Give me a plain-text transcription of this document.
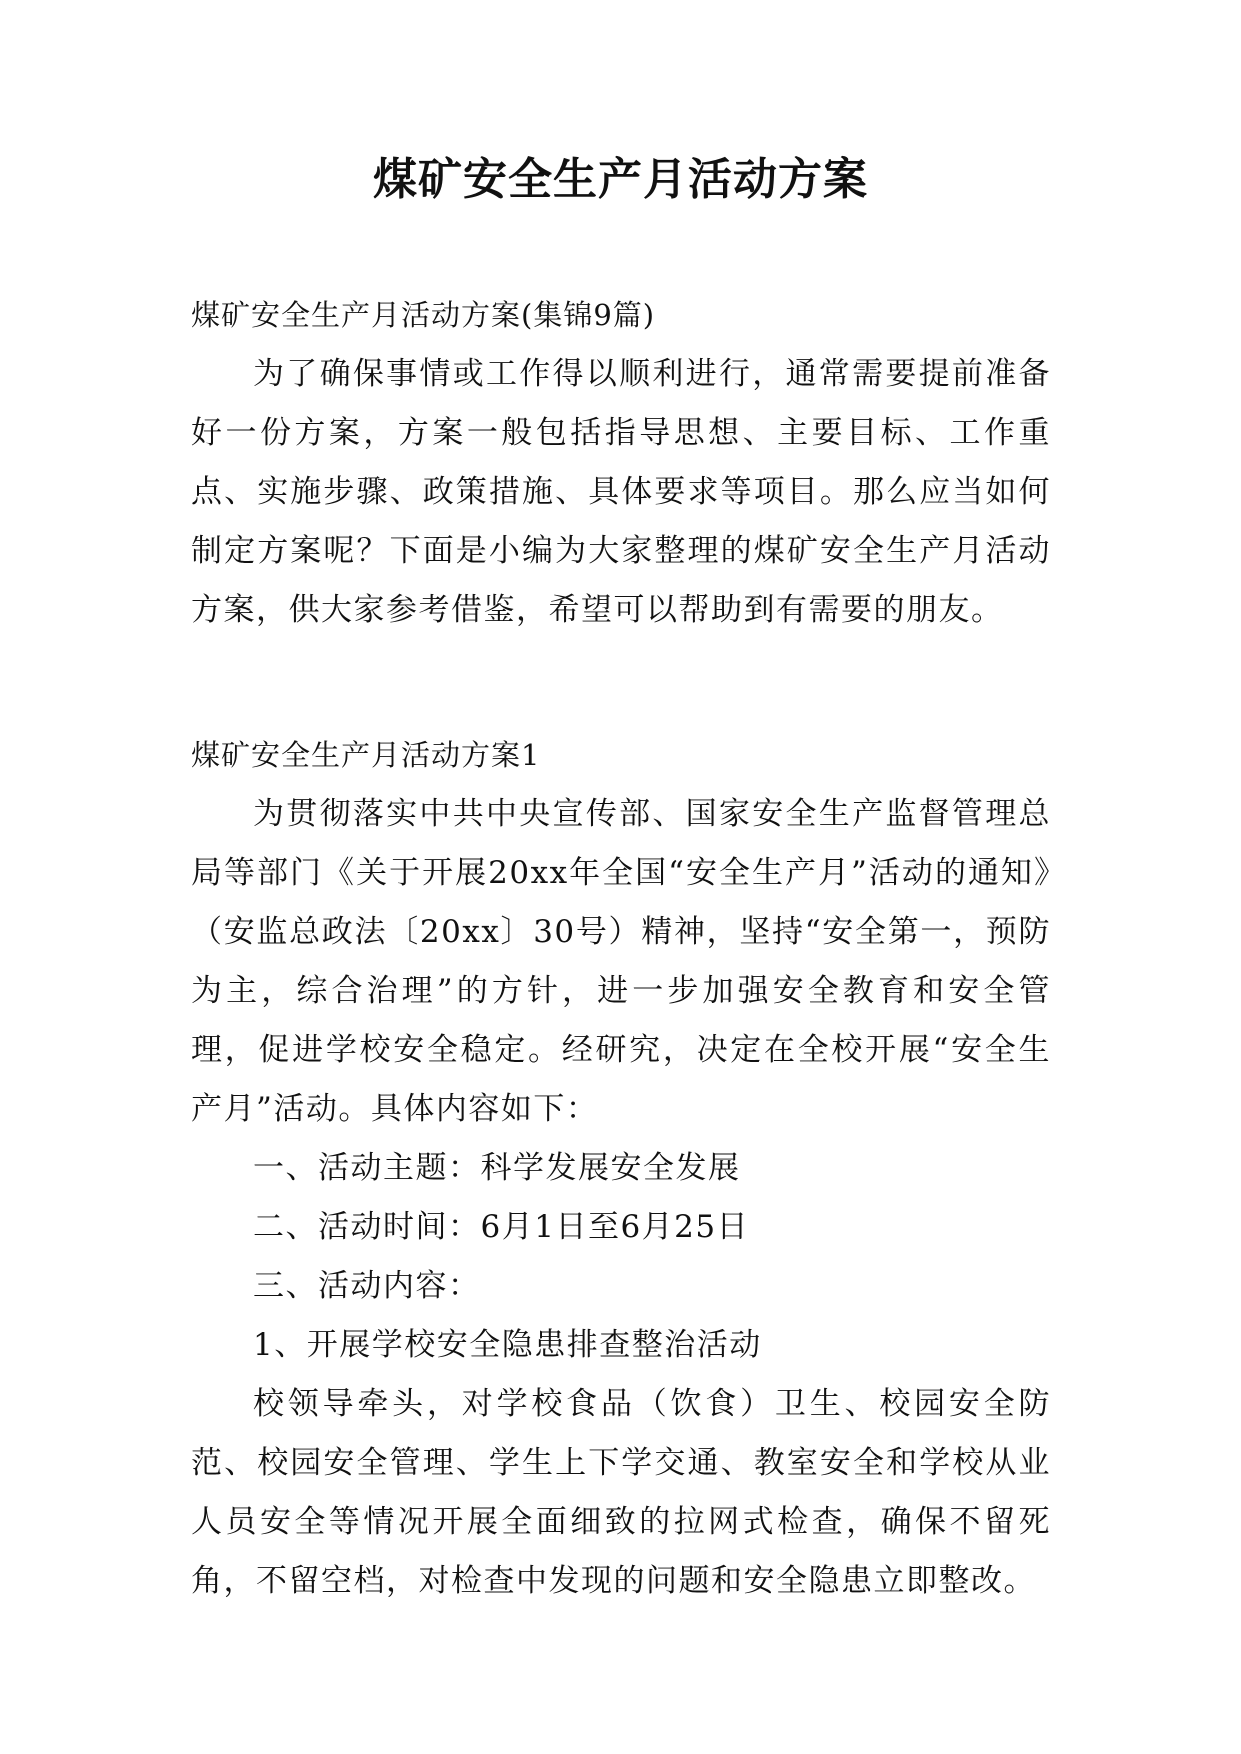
煤矿安全生产月活动方案

煤矿安全生产月活动方案(集锦9篇)

为了确保事情或工作得以顺利进行，通常需要提前准备好一份方案，方案一般包括指导思想、主要目标、工作重点、实施步骤、政策措施、具体要求等项目。那么应当如何制定方案呢？下面是小编为大家整理的煤矿安全生产月活动方案，供大家参考借鉴，希望可以帮助到有需要的朋友。

煤矿安全生产月活动方案1

为贯彻落实中共中央宣传部、国家安全生产监督管理总局等部门《关于开展20xx年全国“安全生产月”活动的通知》（安监总政法〔20xx〕30号）精神，坚持“安全第一，预防为主，综合治理”的方针，进一步加强安全教育和安全管理，促进学校安全稳定。经研究，决定在全校开展“安全生产月”活动。具体内容如下：

一、活动主题：科学发展安全发展

二、活动时间：6月1日至6月25日

三、活动内容：

1、开展学校安全隐患排查整治活动

校领导牵头，对学校食品（饮食）卫生、校园安全防范、校园安全管理、学生上下学交通、教室安全和学校从业人员安全等情况开展全面细致的拉网式检查，确保不留死角，不留空档，对检查中发现的问题和安全隐患立即整改。
